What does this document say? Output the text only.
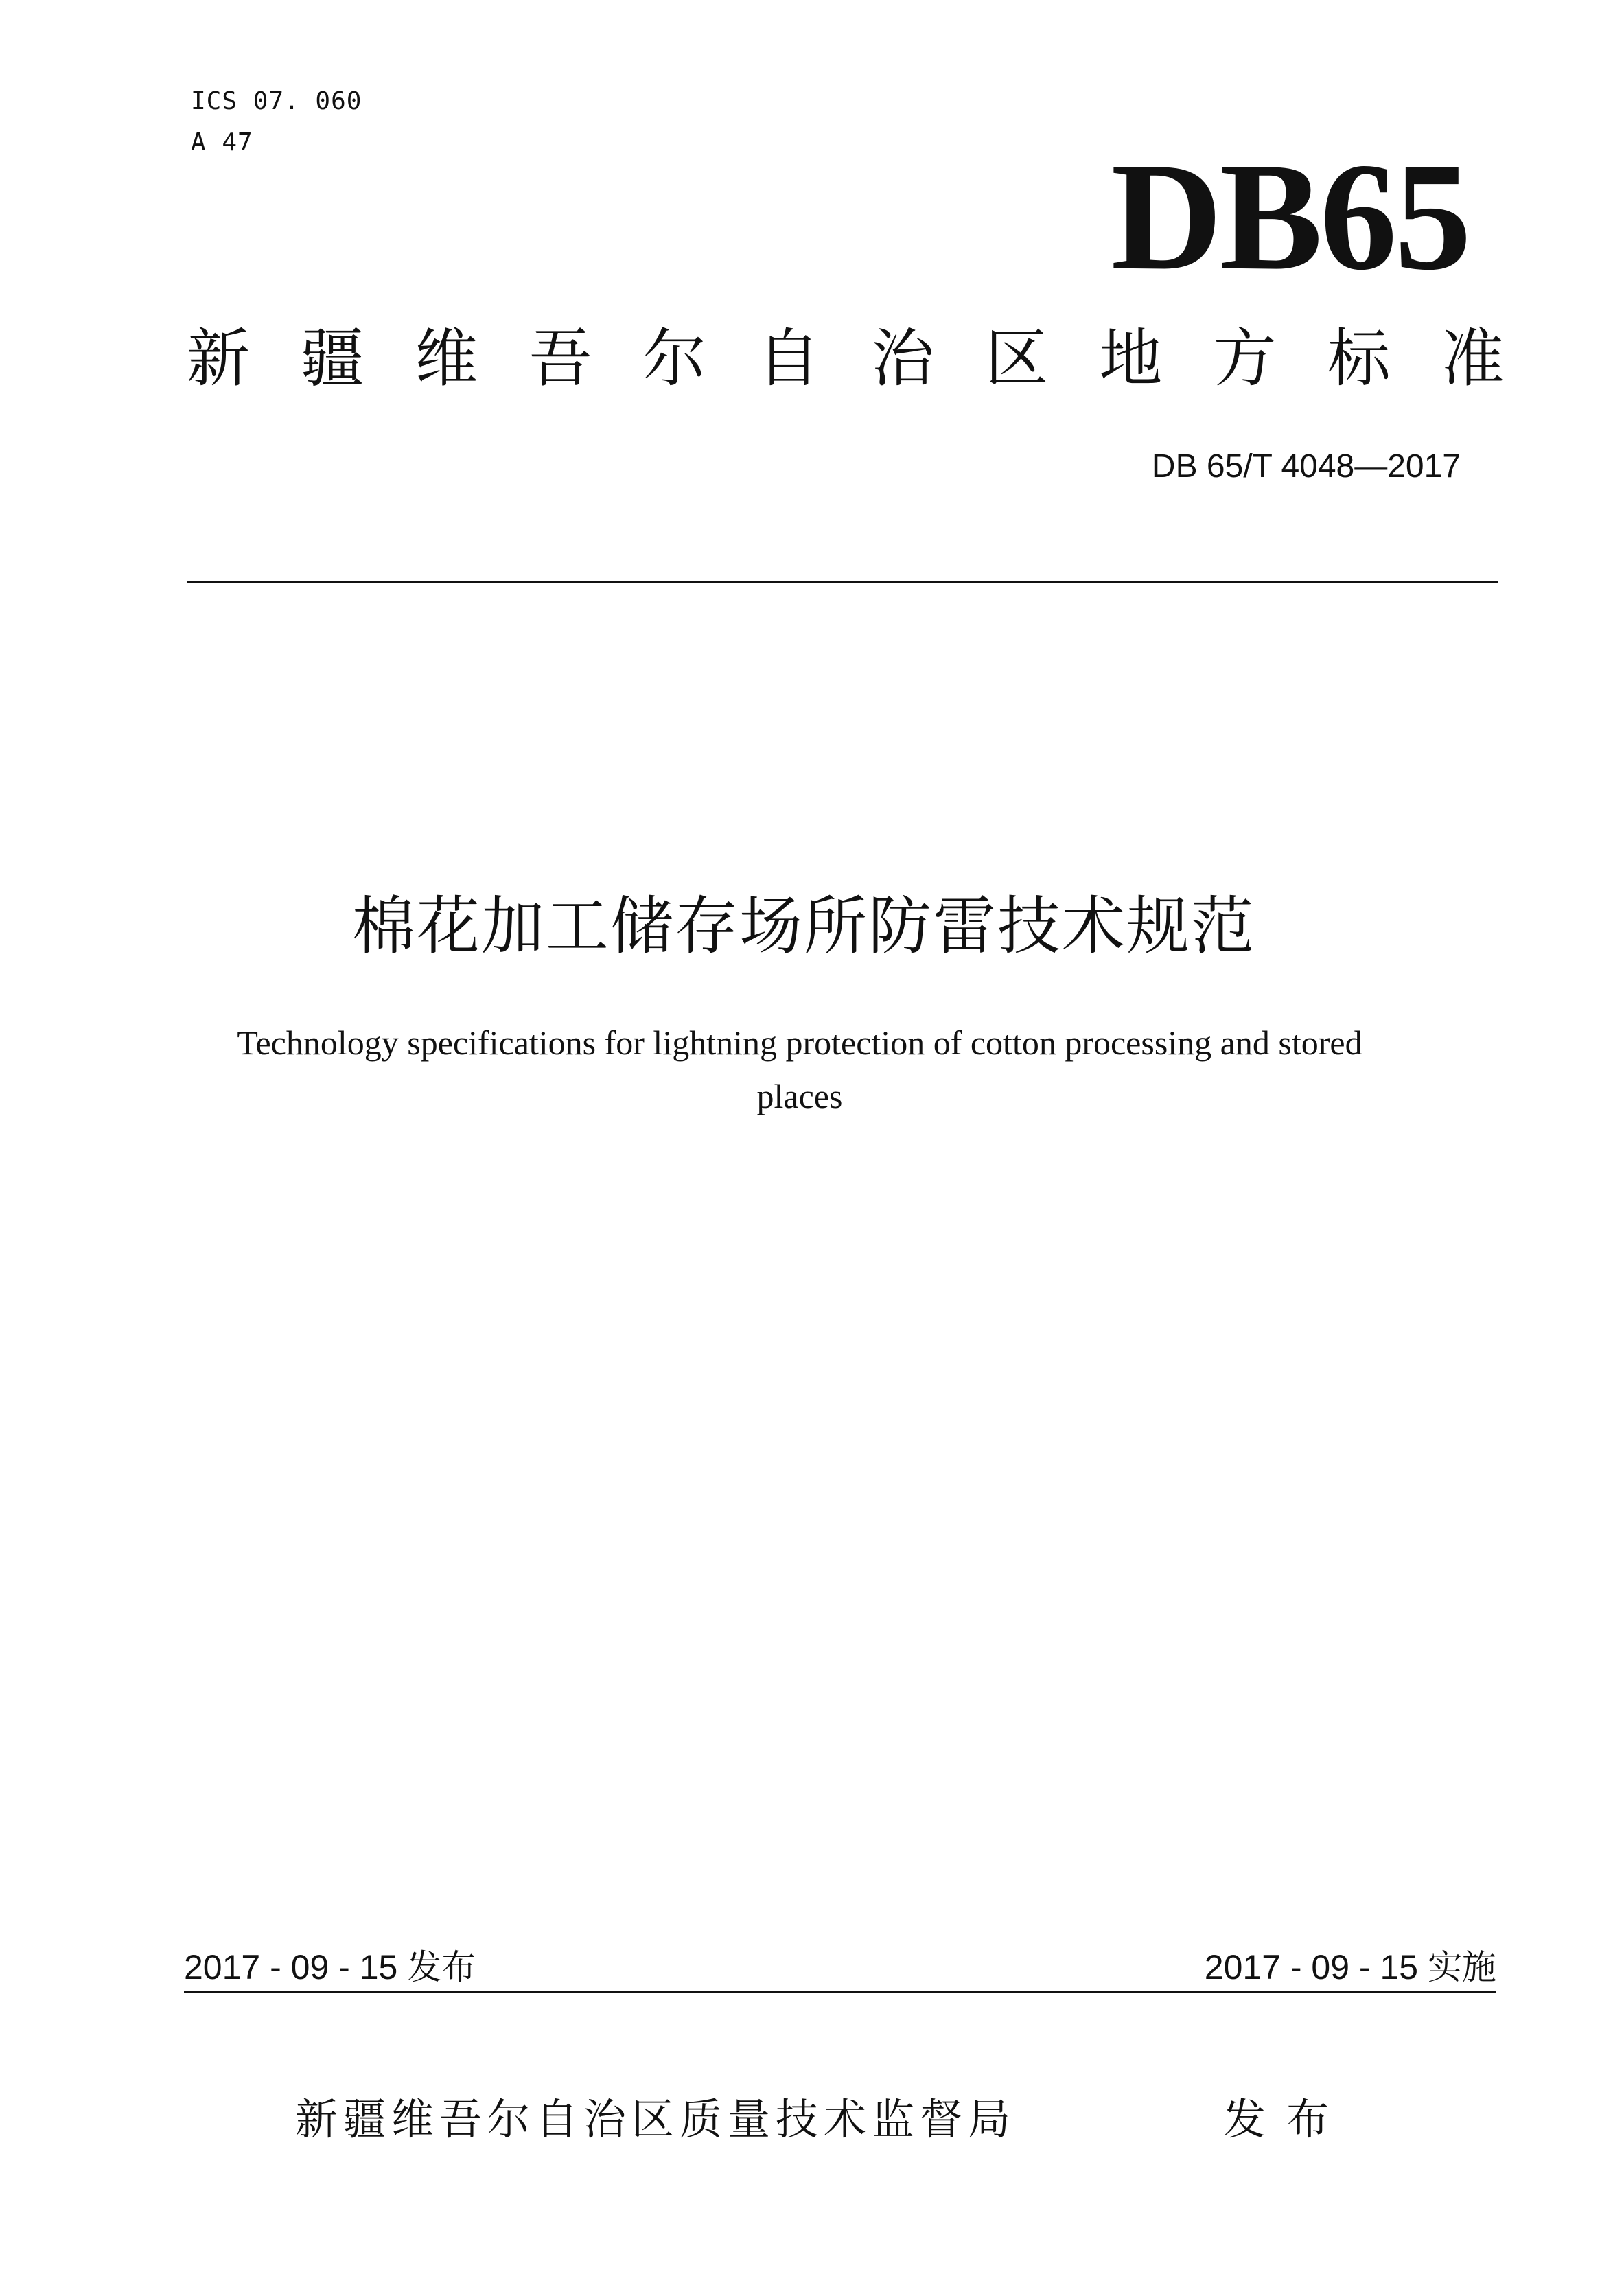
ICS 07. 060
A 47	DB65
新 疆 维 吾 尔 自 治 区 地 方 标 准
DB 65/T 4048—2017
棉花加工储存场所防雷技术规范
Technology specifications for lightning protection of cotton processing and stored
places
2017 - 09 - 15 发布	2017 - 09 - 15 实施
新疆维吾尔自治区质量技术监督局	发布
